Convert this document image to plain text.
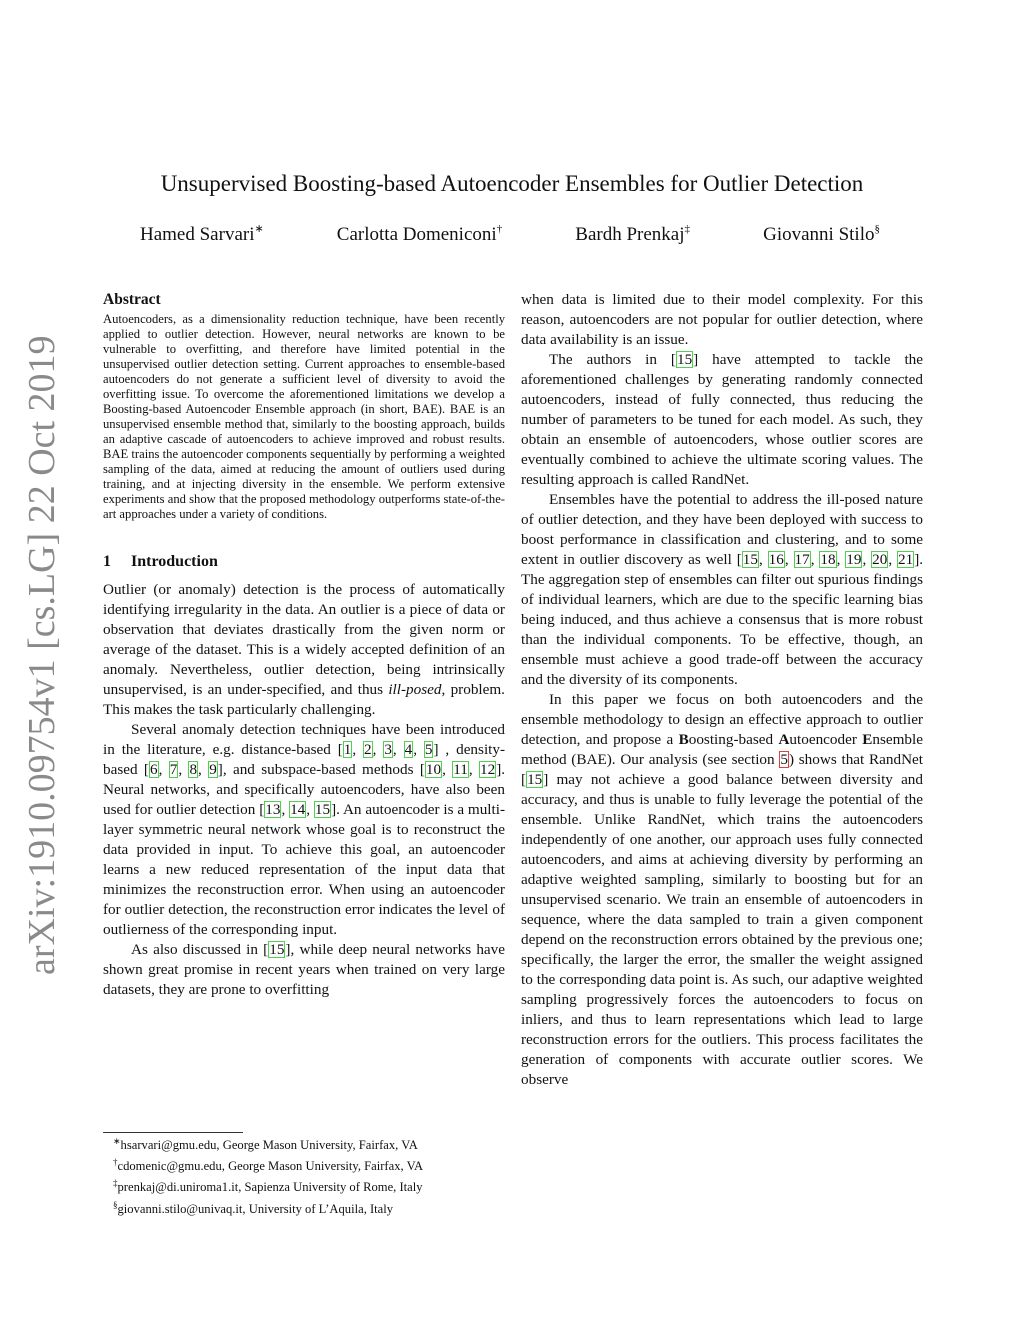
arXiv:1910.09754v1 [cs.LG] 22 Oct 2019
Unsupervised Boosting-based Autoencoder Ensembles for Outlier Detection
Hamed Sarvari∗	Carlotta Domeniconi†	Bardh Prenkaj‡	Giovanni Stilo§
Abstract

Autoencoders, as a dimensionality reduction technique, have been recently applied to outlier detection. However, neural networks are known to be vulnerable to overfitting, and therefore have limited potential in the unsupervised outlier detection setting. Current approaches to ensemble-based autoencoders do not generate a sufficient level of diversity to avoid the overfitting issue. To overcome the aforementioned limitations we develop a Boosting-based Autoencoder Ensemble approach (in short, BAE). BAE is an unsupervised ensemble method that, similarly to the boosting approach, builds an adaptive cascade of autoencoders to achieve improved and robust results. BAE trains the autoencoder components sequentially by performing a weighted sampling of the data, aimed at reducing the amount of outliers used during training, and at injecting diversity in the ensemble. We perform extensive experiments and show that the proposed methodology outperforms state-of-the-art approaches under a variety of conditions.

1 Introduction

Outlier (or anomaly) detection is the process of automatically identifying irregularity in the data. An outlier is a piece of data or observation that deviates drastically from the given norm or average of the dataset. This is a widely accepted definition of an anomaly. Nevertheless, outlier detection, being intrinsically unsupervised, is an under-specified, and thus ill-posed, problem. This makes the task particularly challenging.

Several anomaly detection techniques have been introduced in the literature, e.g. distance-based [1, 2, 3, 4, 5] , density-based [6, 7, 8, 9], and subspace-based methods [10, 11, 12]. Neural networks, and specifically autoencoders, have also been used for outlier detection [13, 14, 15]. An autoencoder is a multi-layer symmetric neural network whose goal is to reconstruct the data provided in input. To achieve this goal, an autoencoder learns a new reduced representation of the input data that minimizes the reconstruction error. When using an autoencoder for outlier detection, the reconstruction error indicates the level of outlierness of the corresponding input.

As also discussed in [15], while deep neural networks have shown great promise in recent years when trained on very large datasets, they are prone to overfitting

when data is limited due to their model complexity. For this reason, autoencoders are not popular for outlier detection, where data availability is an issue.

The authors in [15] have attempted to tackle the aforementioned challenges by generating randomly connected autoencoders, instead of fully connected, thus reducing the number of parameters to be tuned for each model. As such, they obtain an ensemble of autoencoders, whose outlier scores are eventually combined to achieve the ultimate scoring values. The resulting approach is called RandNet.

Ensembles have the potential to address the ill-posed nature of outlier detection, and they have been deployed with success to boost performance in classification and clustering, and to some extent in outlier discovery as well [15, 16, 17, 18, 19, 20, 21]. The aggregation step of ensembles can filter out spurious findings of individual learners, which are due to the specific learning bias being induced, and thus achieve a consensus that is more robust than the individual components. To be effective, though, an ensemble must achieve a good trade-off between the accuracy and the diversity of its components.

In this paper we focus on both autoencoders and the ensemble methodology to design an effective approach to outlier detection, and propose a Boosting-based Autoencoder Ensemble method (BAE). Our analysis (see section 5) shows that RandNet [15] may not achieve a good balance between diversity and accuracy, and thus is unable to fully leverage the potential of the ensemble. Unlike RandNet, which trains the autoencoders independently of one another, our approach uses fully connected autoencoders, and aims at achieving diversity by performing an adaptive weighted sampling, similarly to boosting but for an unsupervised scenario. We train an ensemble of autoencoders in sequence, where the data sampled to train a given component depend on the reconstruction errors obtained by the previous one; specifically, the larger the error, the smaller the weight assigned to the corresponding data point is. As such, our adaptive weighted sampling progressively forces the autoencoders to focus on inliers, and thus to learn representations which lead to large reconstruction errors for the outliers. This process facilitates the generation of components with accurate outlier scores. We observe

∗hsarvari@gmu.edu, George Mason University, Fairfax, VA
†cdomenic@gmu.edu, George Mason University, Fairfax, VA
‡prenkaj@di.uniroma1.it, Sapienza University of Rome, Italy
§giovanni.stilo@univaq.it, University of L’Aquila, Italy
